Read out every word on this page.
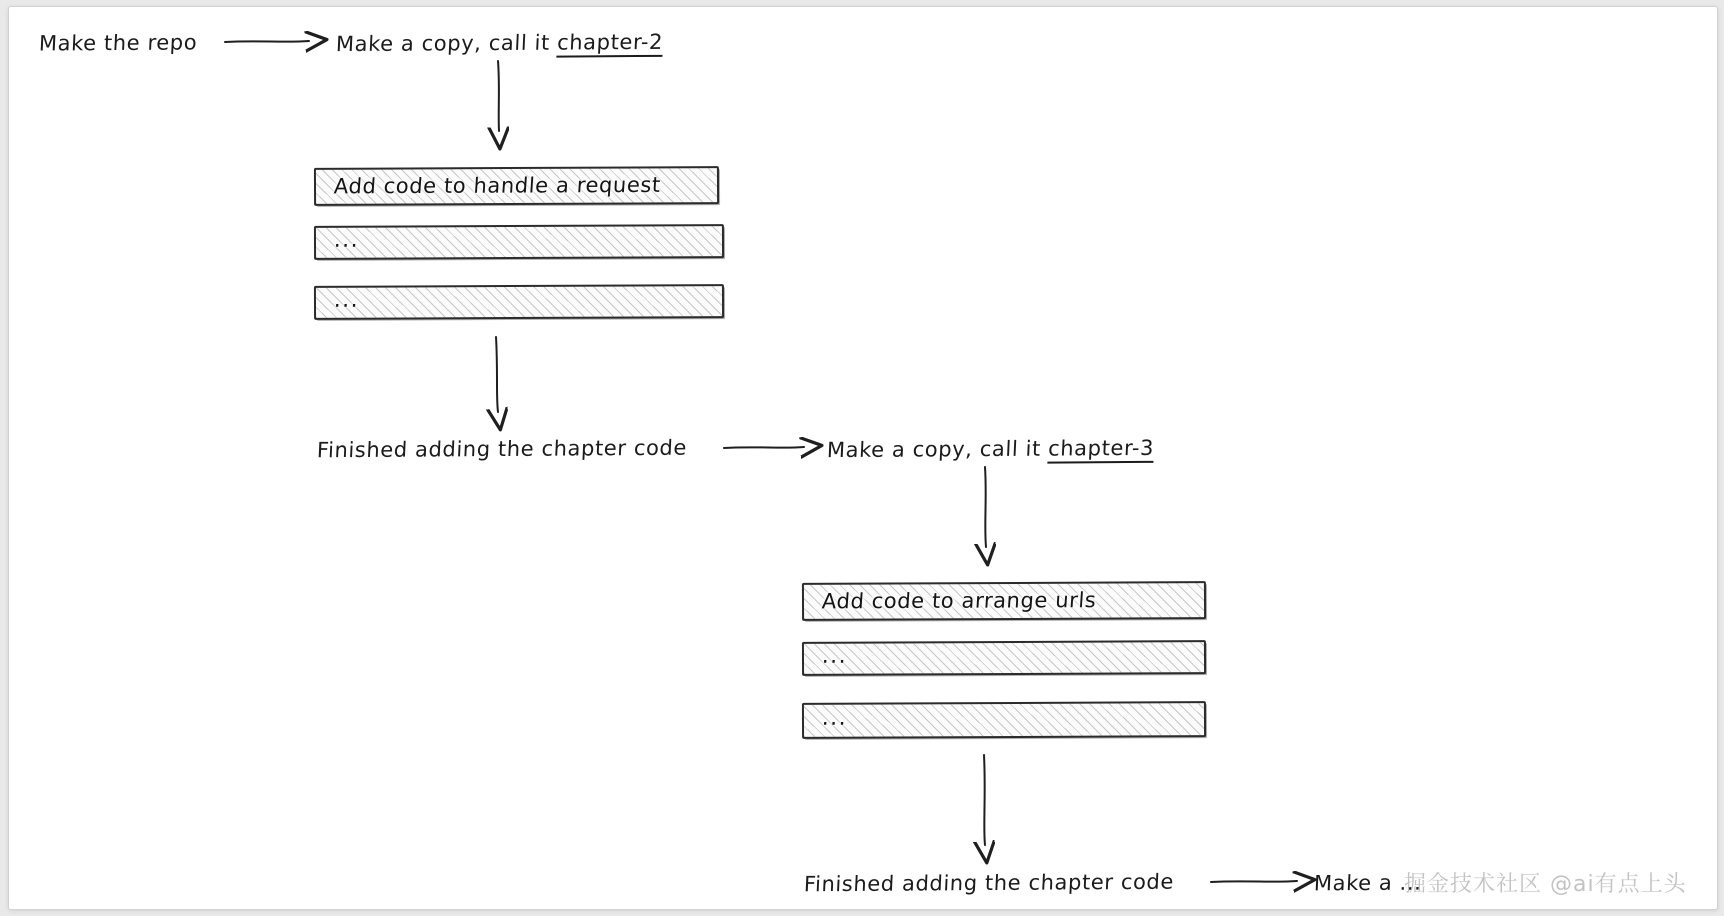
Make the repo	Make a copy, call it chapter-2
Finished adding the chapter code	Make a copy, call it chapter-3
Finished adding the chapter code	Make a ...
Add code to handle a request
...
...
Add code to arrange urls
...
...
掘金技术社区 @ai有点上头
